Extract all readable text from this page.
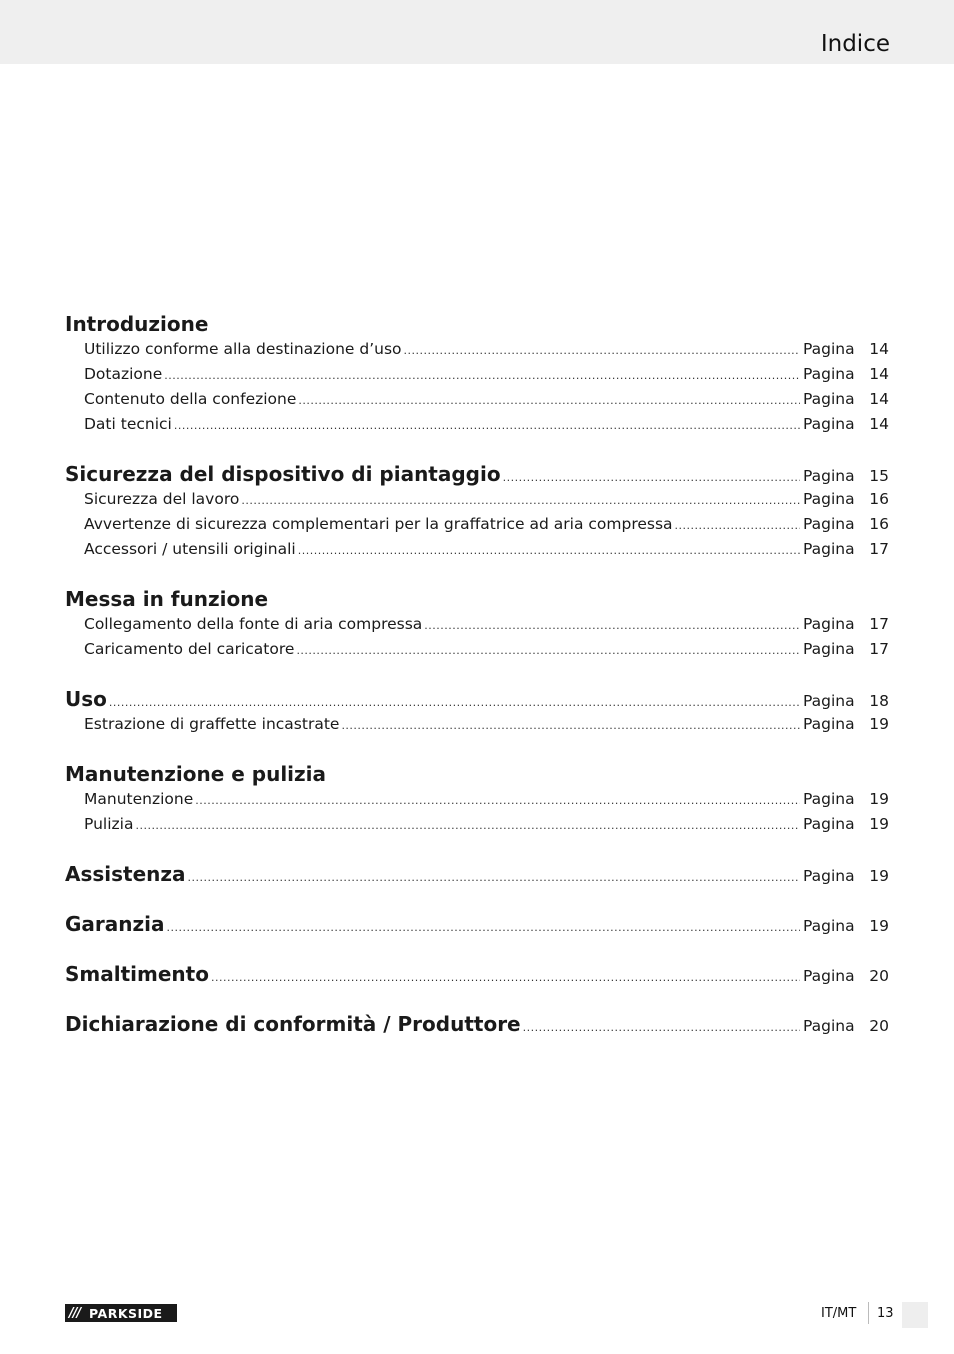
Indice
Introduzione
Utilizzo conforme alla destinazione d’uso .....	Pagina 14
Dotazione .....	Pagina 14
Contenuto della confezione .....	Pagina 14
Dati tecnici .....	Pagina 14
Sicurezza del dispositivo di piantaggio .....	Pagina 15
Sicurezza del lavoro .....	Pagina 16
Avvertenze di sicurezza complementari per la graffatrice ad aria compressa .....	Pagina 16
Accessori / utensili originali .....	Pagina 17
Messa in funzione
Collegamento della fonte di aria compressa .....	Pagina 17
Caricamento del caricatore .....	Pagina 17
Uso .....	Pagina 18
Estrazione di graffette incastrate .....	Pagina 19
Manutenzione e pulizia
Manutenzione .....	Pagina 19
Pulizia .....	Pagina 19
Assistenza .....	Pagina 19
Garanzia .....	Pagina 19
Smaltimento .....	Pagina 20
Dichiarazione di conformità / Produttore .....	Pagina 20
/// PARKSIDE	IT/MT 13
